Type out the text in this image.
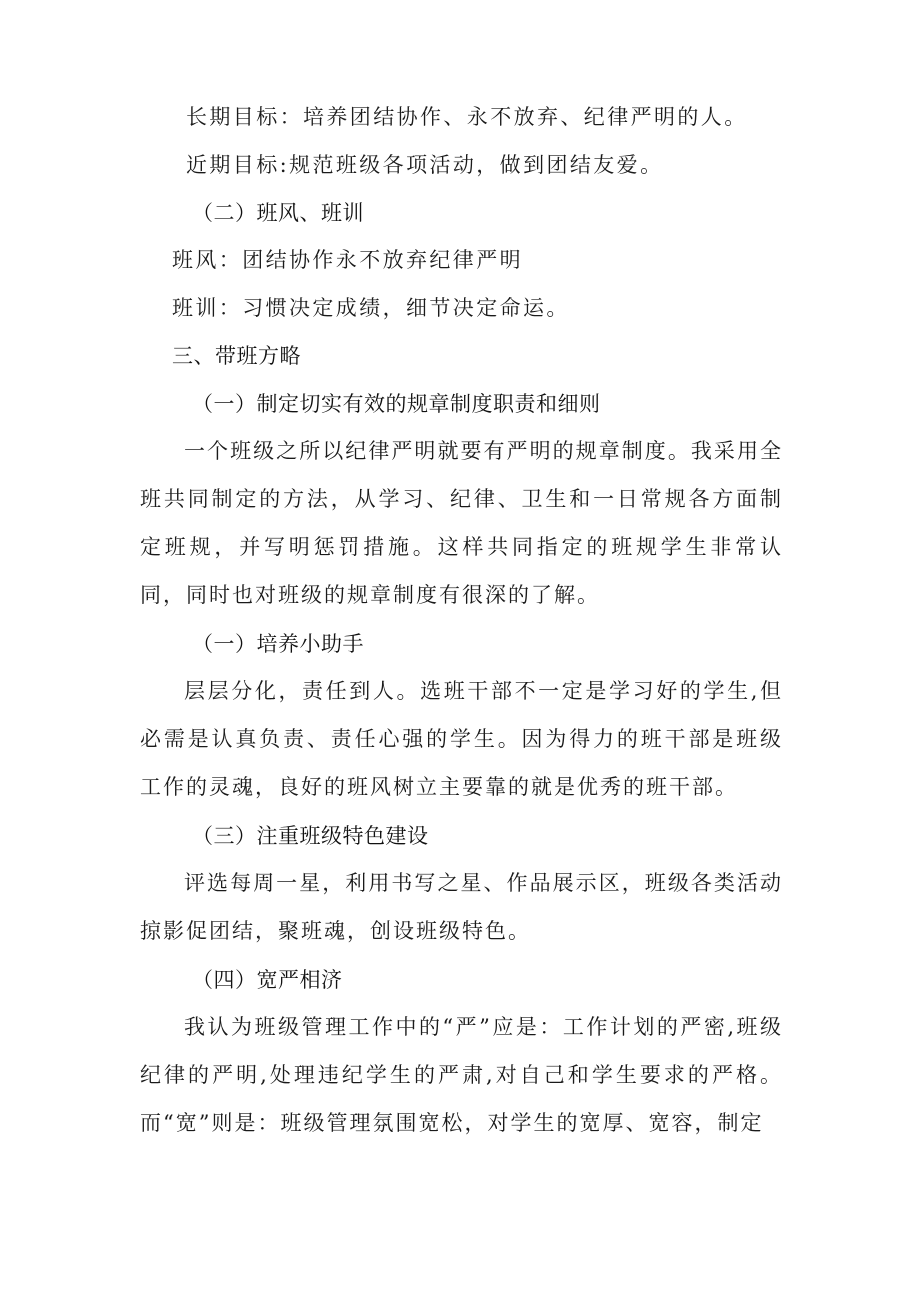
长期目标：培养团结协作、永不放弃、纪律严明的人。
近期目标:规范班级各项活动，做到团结友爱。
（二）班风、班训
班风：团结协作永不放弃纪律严明
班训：习惯决定成绩，细节决定命运。
三、带班方略
（一）制定切实有效的规章制度职责和细则

一个班级之所以纪律严明就要有严明的规章制度。我采用全班共同制定的方法，从学习、纪律、卫生和一日常规各方面制定班规，并写明惩罚措施。这样共同指定的班规学生非常认同，同时也对班级的规章制度有很深的了解。

（一）培养小助手

层层分化，责任到人。选班干部不一定是学习好的学生,但必需是认真负责、责任心强的学生。因为得力的班干部是班级工作的灵魂，良好的班风树立主要靠的就是优秀的班干部。

（三）注重班级特色建设

评选每周一星，利用书写之星、作品展示区，班级各类活动掠影促团结，聚班魂，创设班级特色。

（四）宽严相济

我认为班级管理工作中的“严”应是：工作计划的严密,班级纪律的严明,处理违纪学生的严肃,对自己和学生要求的严格。而“宽”则是：班级管理氛围宽松，对学生的宽厚、宽容，制定
